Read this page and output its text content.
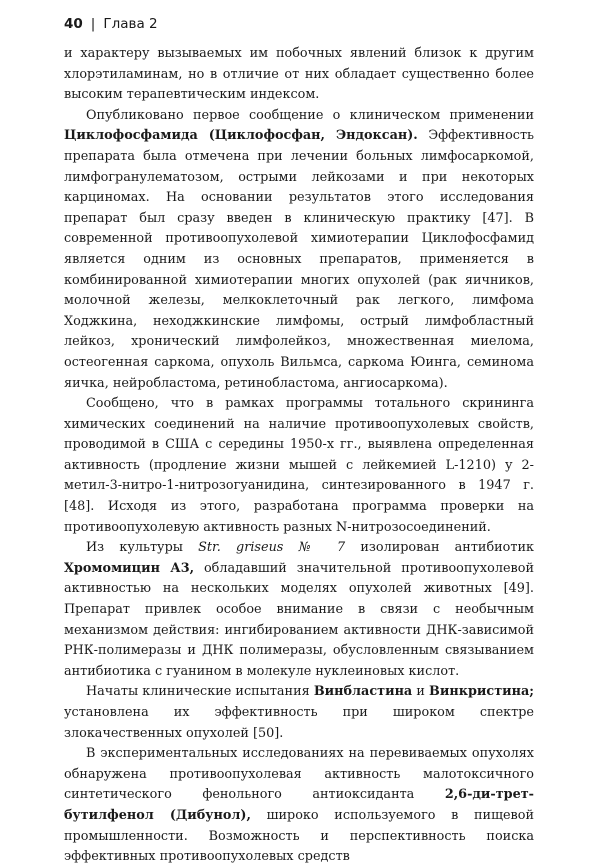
40 | Глава 2

и характеру вызываемых им побочных явлений близок к другим хлорэтиламинам, но в отличие от них обладает существенно более высоким терапевтическим индексом.

Опубликовано первое сообщение о клиническом применении Циклофосфамида (Циклофосфан, Эндоксан). Эффективность препарата была отмечена при лечении больных лимфосаркомой, лимфогранулематозом, острыми лейкозами и при некоторых карциномах. На основании результатов этого исследования препарат был сразу введен в клиническую практику [47]. В современной противоопухолевой химиотерапии Циклофосфамид является одним из основных препаратов, применяется в комбинированной химиотерапии многих опухолей (рак яичников, молочной железы, мелкоклеточный рак легкого, лимфома Ходжкина, неходжкинские лимфомы, острый лимфобластный лейкоз, хронический лимфолейкоз, множественная миелома, остеогенная саркома, опухоль Вильмса, саркома Юинга, семинома яичка, нейробластома, ретинобластома, ангиосаркома).

Сообщено, что в рамках программы тотального скрининга химических соединений на наличие противоопухолевых свойств, проводимой в США с середины 1950-х гг., выявлена определенная активность (продление жизни мышей с лейкемией L-1210) у 2-метил-3-нитро-1-нитрозогуанидина, синтезированного в 1947 г. [48]. Исходя из этого, разработана программа проверки на противоопухолевую активность разных N-нитрозосоединений.

Из культуры Str. griseus № 7 изолирован антибиотик Хромомицин А3, обладавший значительной противоопухолевой активностью на нескольких моделях опухолей животных [49]. Препарат привлек особое внимание в связи с необычным механизмом действия: ингибированием активности ДНК-зависимой РНК-полимеразы и ДНК полимеразы, обусловленным связыванием антибиотика с гуанином в молекуле нуклеиновых кислот.

Начаты клинические испытания Винбластина и Винкристина; установлена их эффективность при широком спектре злокачественных опухолей [50].

В экспериментальных исследованиях на перевиваемых опухолях обнаружена противоопухолевая активность малотоксичного синтетического фенольного антиоксиданта 2,6-ди-трет-бутилфенол (Дибунол), широко используемого в пищевой промышленности. Возможность и перспективность поиска эффективных противоопухолевых средств
